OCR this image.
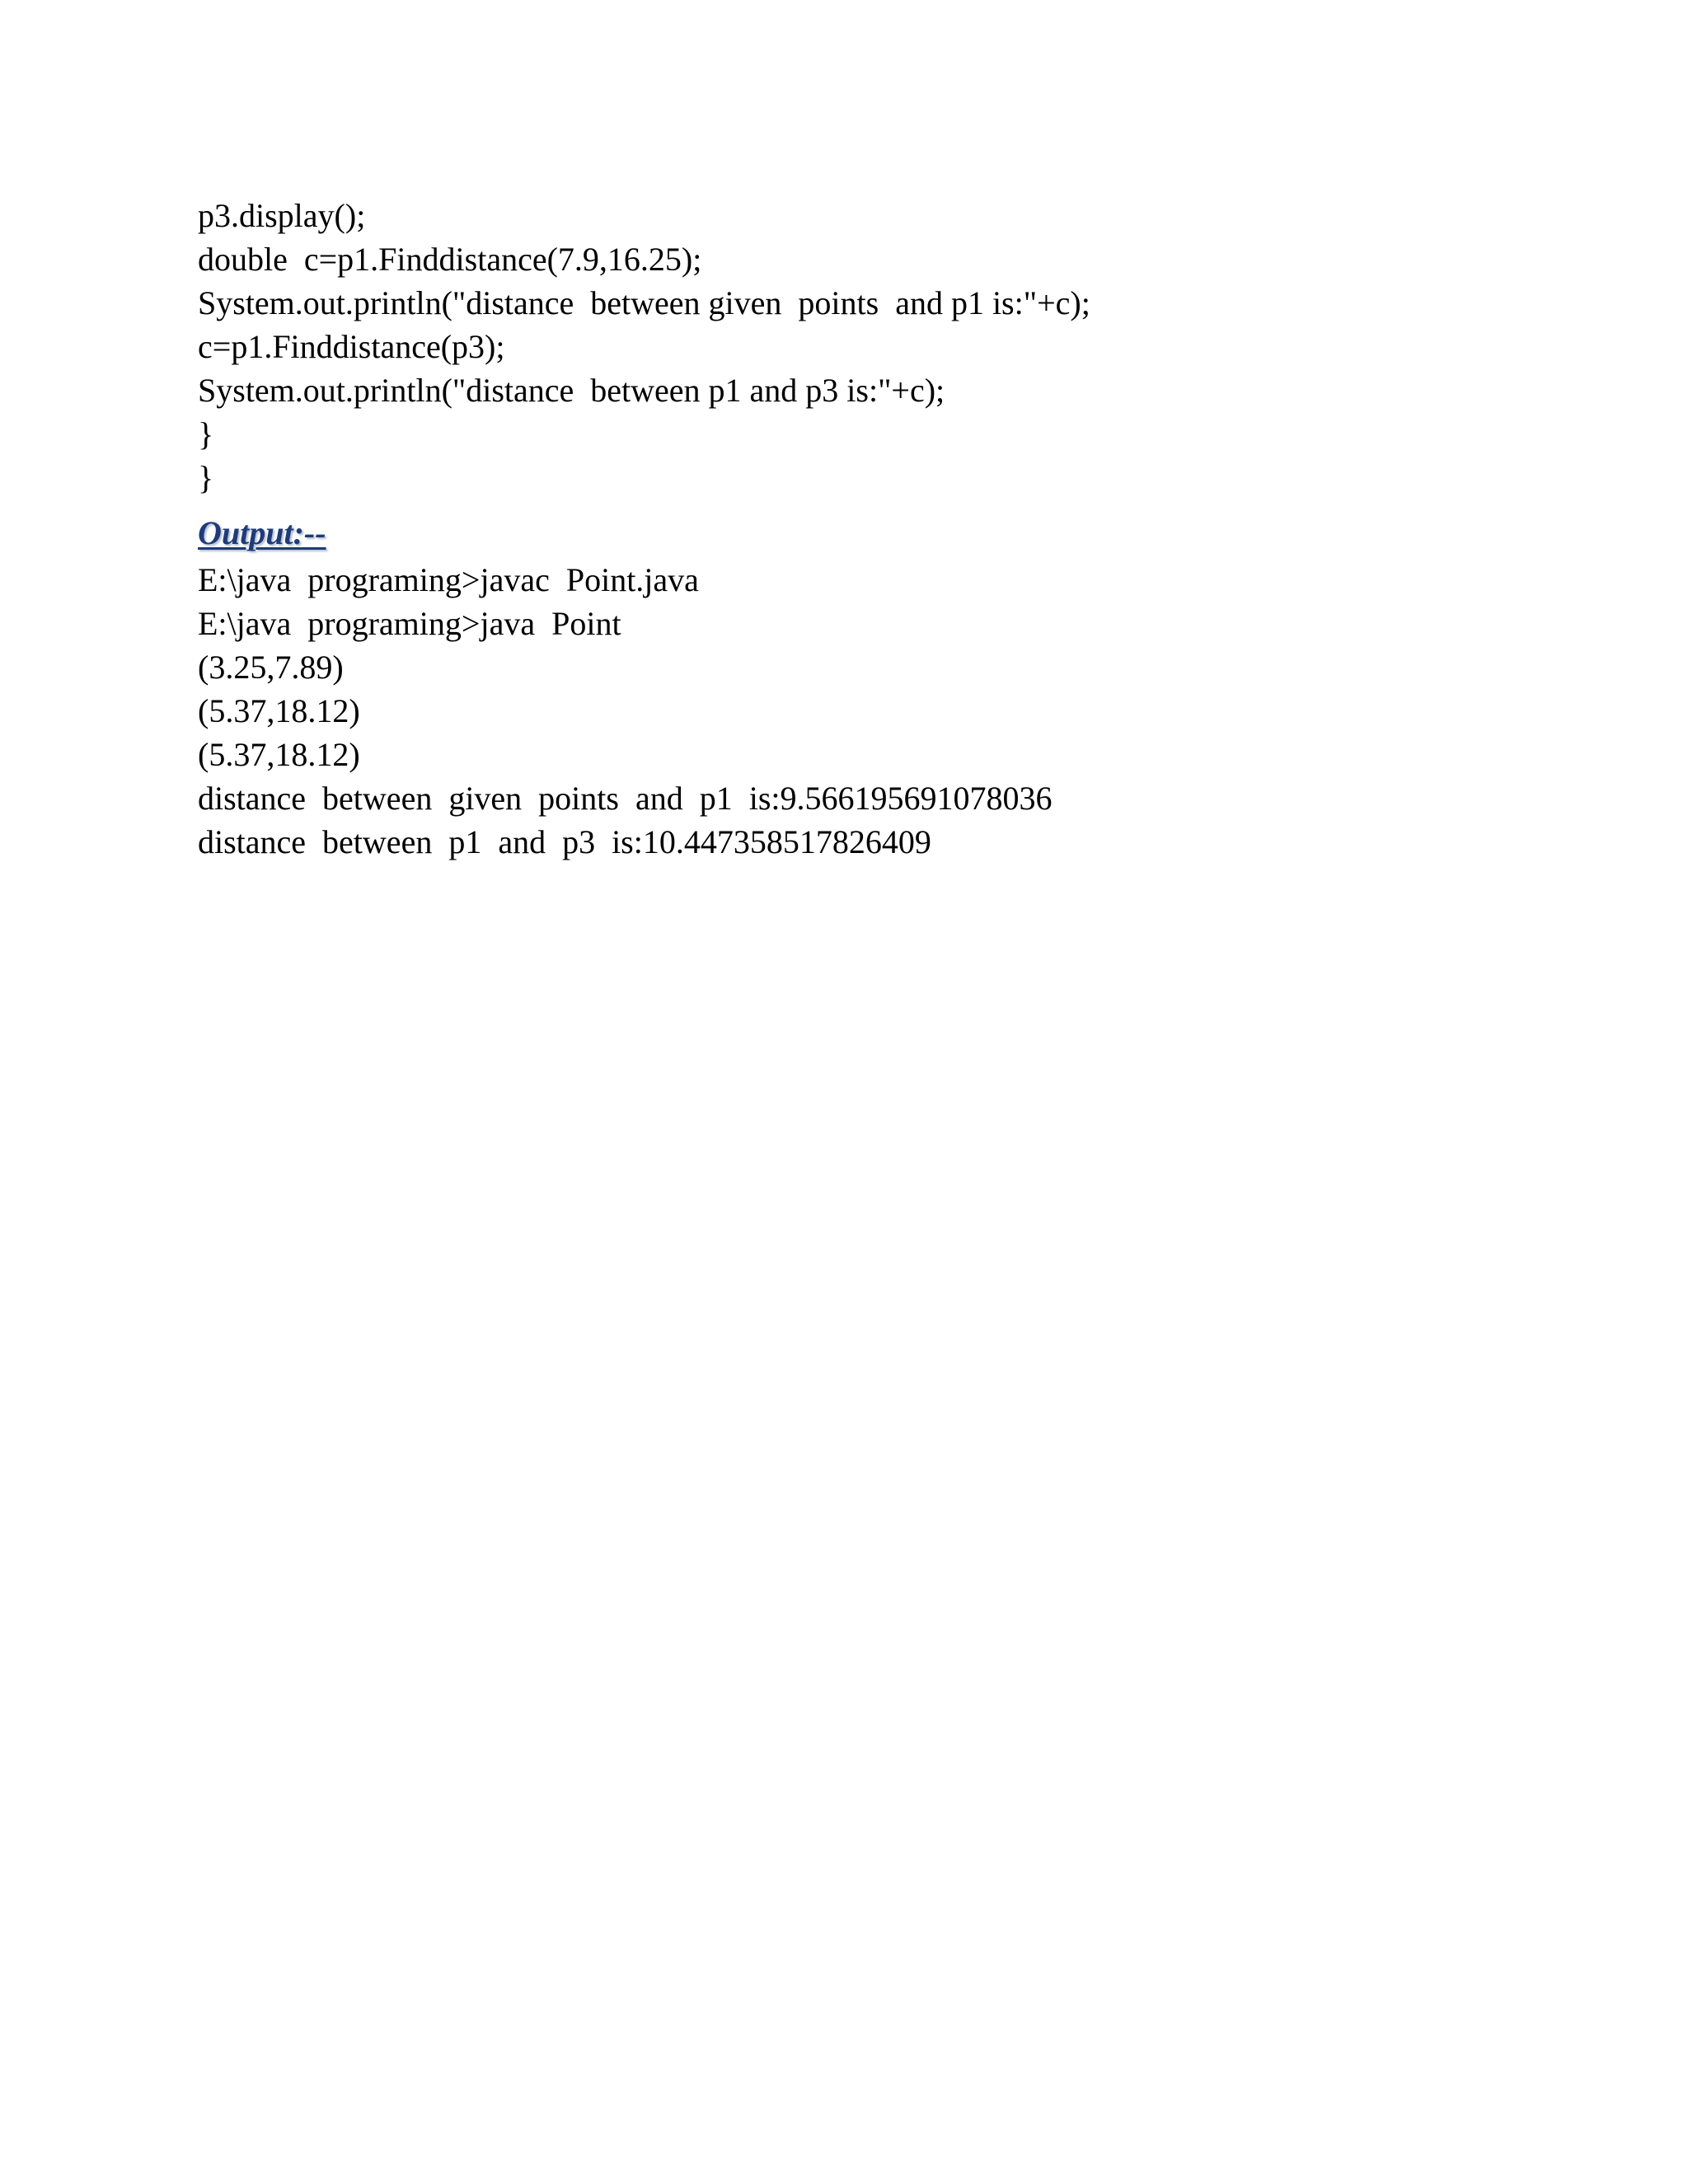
p3.display();
double  c=p1.Finddistance(7.9,16.25);
System.out.println("distance  between given  points  and p1 is:"+c);
c=p1.Finddistance(p3);
System.out.println("distance  between p1 and p3 is:"+c);
}
}
Output:--
E:\java  programing>javac  Point.java
E:\java  programing>java  Point
(3.25,7.89)
(5.37,18.12)
(5.37,18.12)
distance  between  given  points  and  p1  is:9.566195691078036
distance  between  p1  and  p3  is:10.447358517826409
